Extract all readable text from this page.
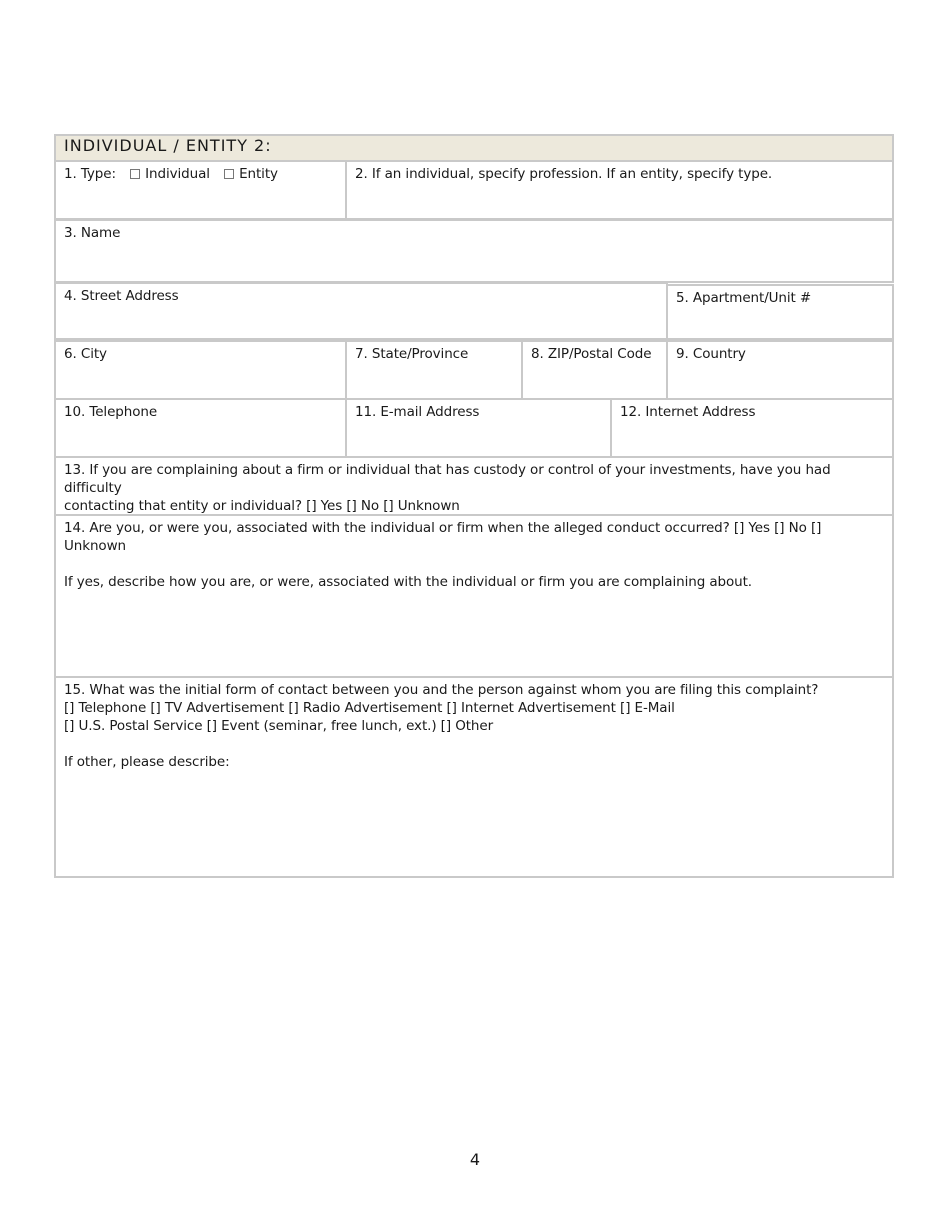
INDIVIDUAL / ENTITY 2:
1. Type: Individual Entity	2. If an individual, specify profession. If an entity, specify type.
3. Name
4. Street Address	5. Apartment/Unit #
6. City	7. State/Province	8. ZIP/Postal Code	9. Country
10. Telephone	11. E-mail Address	12. Internet Address
13. If you are complaining about a firm or individual that has custody or control of your investments, have you had difficulty
contacting that entity or individual? [] Yes [] No [] Unknown
14. Are you, or were you, associated with the individual or firm when the alleged conduct occurred? [] Yes [] No [] Unknown
If yes, describe how you are, or were, associated with the individual or firm you are complaining about.
15. What was the initial form of contact between you and the person against whom you are filing this complaint?
[] Telephone [] TV Advertisement [] Radio Advertisement [] Internet Advertisement [] E-Mail
[] U.S. Postal Service [] Event (seminar, free lunch, ext.) [] Other
If other, please describe:
4
